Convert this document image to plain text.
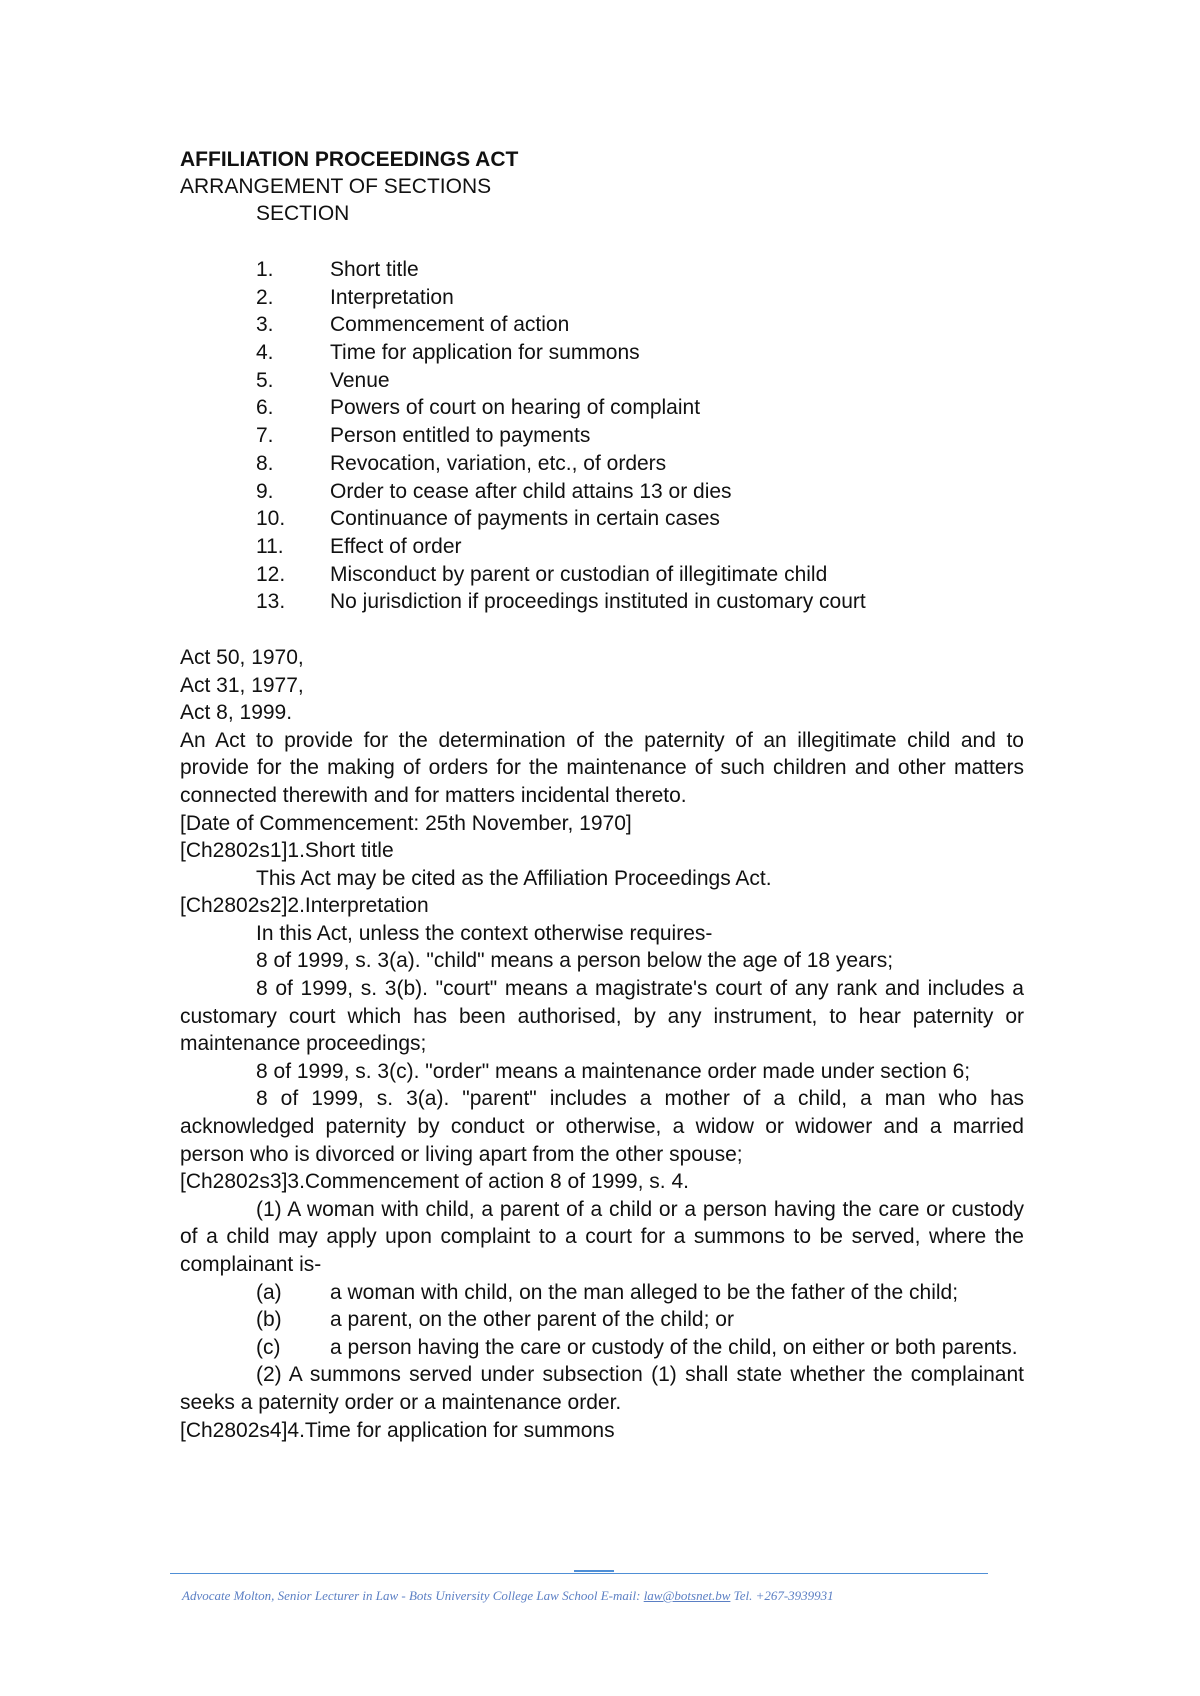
AFFILIATION PROCEEDINGS ACT
ARRANGEMENT OF SECTIONS
SECTION
1.	Short title
2.	Interpretation
3.	Commencement of action
4.	Time for application for summons
5.	Venue
6.	Powers of court on hearing of complaint
7.	Person entitled to payments
8.	Revocation, variation, etc., of orders
9.	Order to cease after child attains 13 or dies
10.	Continuance of payments in certain cases
11.	Effect of order
12.	Misconduct by parent or custodian of illegitimate child
13.	No jurisdiction if proceedings instituted in customary court
Act 50, 1970,
Act 31, 1977,
Act 8, 1999.
An Act to provide for the determination of the paternity of an illegitimate child and to provide for the making of orders for the maintenance of such children and other matters connected therewith and for matters incidental thereto.
[Date of Commencement: 25th November, 1970]
[Ch2802s1]1.Short title
This Act may be cited as the Affiliation Proceedings Act.
[Ch2802s2]2.Interpretation
In this Act, unless the context otherwise requires-
8 of 1999, s. 3(a). "child" means a person below the age of 18 years;
8 of 1999, s. 3(b). "court" means a magistrate's court of any rank and includes a customary court which has been authorised, by any instrument, to hear paternity or maintenance proceedings;
8 of 1999, s. 3(c). "order" means a maintenance order made under section 6;
8 of 1999, s. 3(a). "parent" includes a mother of a child, a man who has acknowledged paternity by conduct or otherwise, a widow or widower and a married person who is divorced or living apart from the other spouse;
[Ch2802s3]3.Commencement of action 8 of 1999, s. 4.
(1) A woman with child, a parent of a child or a person having the care or custody of a child may apply upon complaint to a court for a summons to be served, where the complainant is-
(a) a woman with child, on the man alleged to be the father of the child;
(b) a parent, on the other parent of the child; or
(c) a person having the care or custody of the child, on either or both parents.
(2) A summons served under subsection (1) shall state whether the complainant seeks a paternity order or a maintenance order.
[Ch2802s4]4.Time for application for summons
Advocate Molton, Senior Lecturer in Law - Bots University College Law School E-mail: law@botsnet.bw Tel. +267-3939931
